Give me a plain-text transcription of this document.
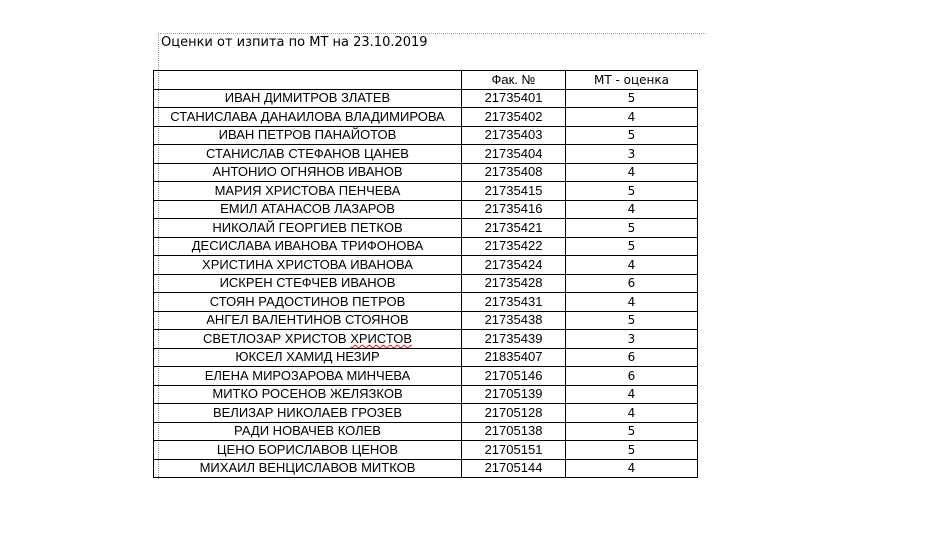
Оценки от изпита по МТ на 23.10.2019
	Фак. №	МТ - оценка
ИВАН ДИМИТРОВ ЗЛАТЕВ	21735401	5
СТАНИСЛАВА ДАНАИЛОВА ВЛАДИМИРОВА	21735402	4
ИВАН ПЕТРОВ ПАНАЙОТОВ	21735403	5
СТАНИСЛАВ СТЕФАНОВ ЦАНЕВ	21735404	3
АНТОНИО ОГНЯНОВ ИВАНОВ	21735408	4
МАРИЯ ХРИСТОВА ПЕНЧЕВА	21735415	5
ЕМИЛ АТАНАСОВ ЛАЗАРОВ	21735416	4
НИКОЛАЙ ГЕОРГИЕВ ПЕТКОВ	21735421	5
ДЕСИСЛАВА ИВАНОВА ТРИФОНОВА	21735422	5
ХРИСТИНА ХРИСТОВА ИВАНОВА	21735424	4
ИСКРЕН СТЕФЧЕВ ИВАНОВ	21735428	6
СТОЯН РАДОСТИНОВ ПЕТРОВ	21735431	4
АНГЕЛ ВАЛЕНТИНОВ СТОЯНОВ	21735438	5
СВЕТЛОЗАР ХРИСТОВ ХРИСТОВ	21735439	3
ЮКСЕЛ ХАМИД НЕЗИР	21835407	6
ЕЛЕНА МИРОЗАРОВА МИНЧЕВА	21705146	6
МИТКО РОСЕНОВ ЖЕЛЯЗКОВ	21705139	4
ВЕЛИЗАР НИКОЛАЕВ ГРОЗЕВ	21705128	4
РАДИ НОВАЧЕВ КОЛЕВ	21705138	5
ЦЕНО БОРИСЛАВОВ ЦЕНОВ	21705151	5
МИХАИЛ ВЕНЦИСЛАВОВ МИТКОВ	21705144	4
